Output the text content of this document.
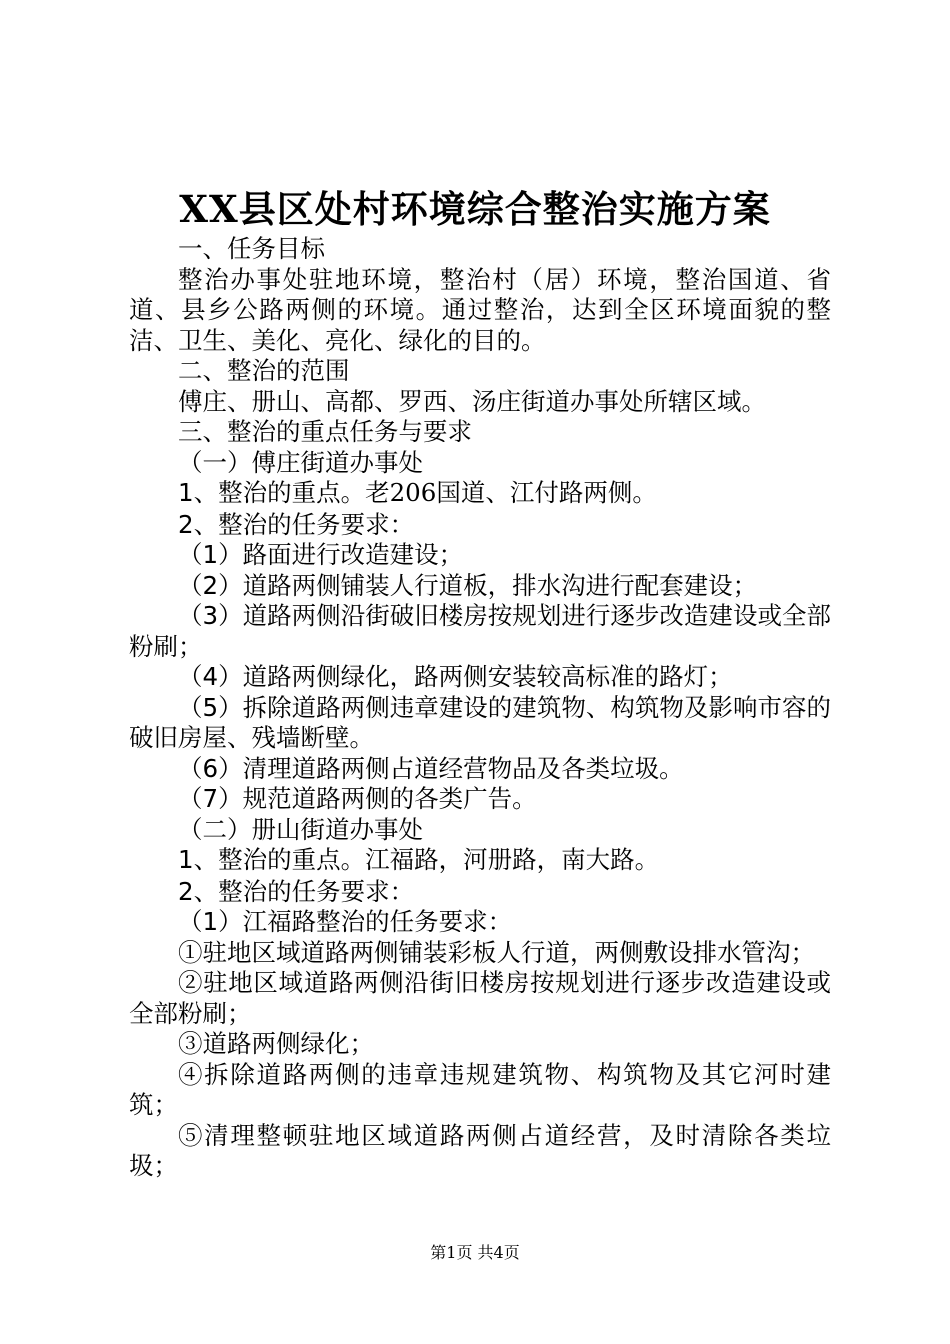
XX县区处村环境综合整治实施方案

一、任务目标

整治办事处驻地环境，整治村（居）环境，整治国道、省道、县乡公路两侧的环境。通过整治，达到全区环境面貌的整洁、卫生、美化、亮化、绿化的目的。

二、整治的范围

傅庄、册山、高都、罗西、汤庄街道办事处所辖区域。

三、整治的重点任务与要求

（一）傅庄街道办事处

1、整治的重点。老206国道、江付路两侧。

2、整治的任务要求：

（1）路面进行改造建设；

（2）道路两侧铺装人行道板，排水沟进行配套建设；

（3）道路两侧沿街破旧楼房按规划进行逐步改造建设或全部粉刷；

（4）道路两侧绿化，路两侧安装较高标准的路灯；

（5）拆除道路两侧违章建设的建筑物、构筑物及影响市容的破旧房屋、残墙断壁。

（6）清理道路两侧占道经营物品及各类垃圾。

（7）规范道路两侧的各类广告。

（二）册山街道办事处

1、整治的重点。江福路，河册路，南大路。

2、整治的任务要求：

（1）江福路整治的任务要求：

①驻地区域道路两侧铺装彩板人行道，两侧敷设排水管沟；

②驻地区域道路两侧沿街旧楼房按规划进行逐步改造建设或全部粉刷；

③道路两侧绿化；

④拆除道路两侧的违章违规建筑物、构筑物及其它河时建筑；

⑤清理整顿驻地区域道路两侧占道经营，及时清除各类垃圾；

第1页 共4页
